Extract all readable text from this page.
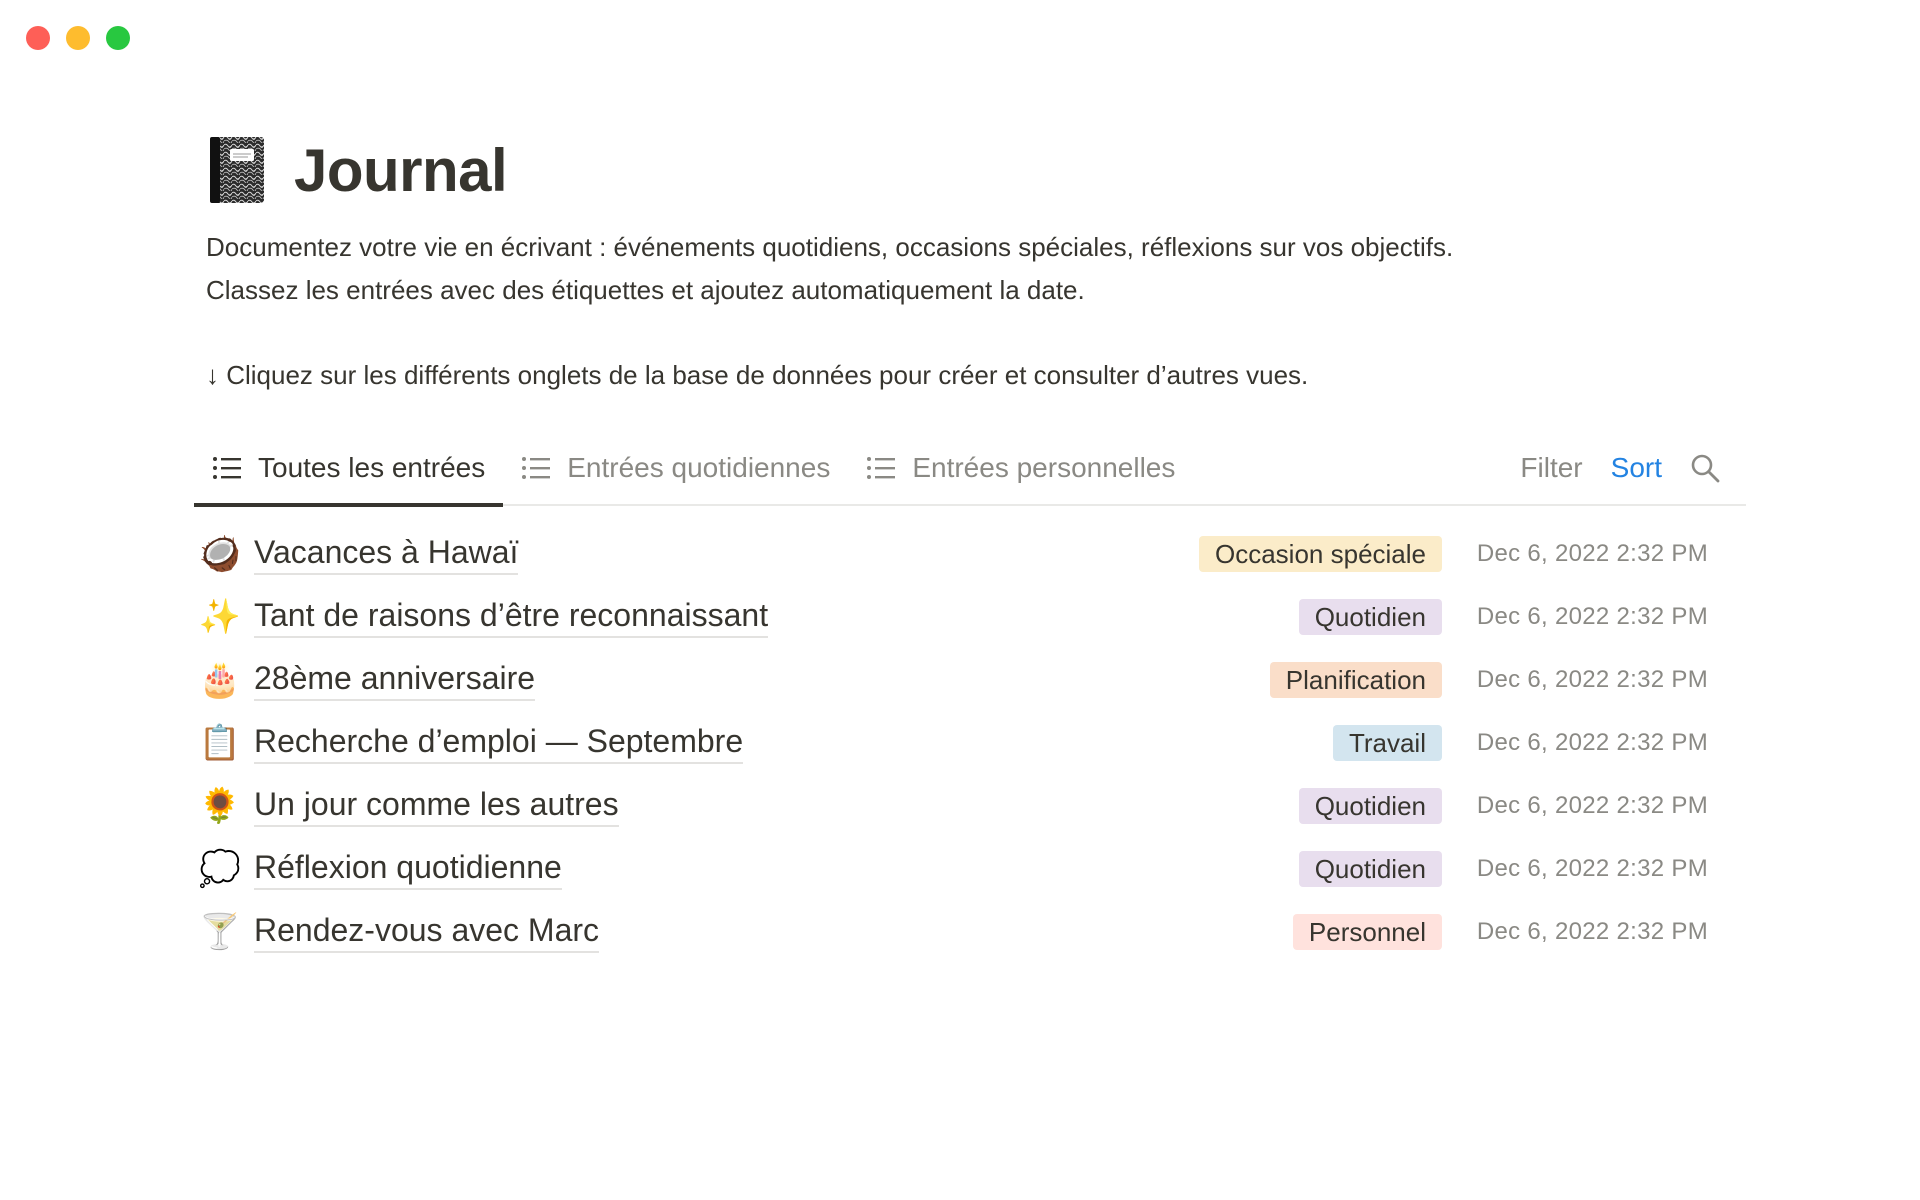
Journal
Documentez votre vie en écrivant : événements quotidiens, occasions spéciales, réflexions sur vos objectifs.
Classez les entrées avec des étiquettes et ajoutez automatiquement la date.
↓ Cliquez sur les différents onglets de la base de données pour créer et consulter d’autres vues.
Toutes les entrées	Entrées quotidiennes	Entrées personnelles	Filter Sort
🥥 Vacances à Hawaï	Occasion spéciale	Dec 6, 2022 2:32 PM
✨ Tant de raisons d’être reconnaissant	Quotidien	Dec 6, 2022 2:32 PM
🎂 28ème anniversaire	Planification	Dec 6, 2022 2:32 PM
📋 Recherche d’emploi — Septembre	Travail	Dec 6, 2022 2:32 PM
🌻 Un jour comme les autres	Quotidien	Dec 6, 2022 2:32 PM
💭 Réflexion quotidienne	Quotidien	Dec 6, 2022 2:32 PM
🍸 Rendez-vous avec Marc	Personnel	Dec 6, 2022 2:32 PM
